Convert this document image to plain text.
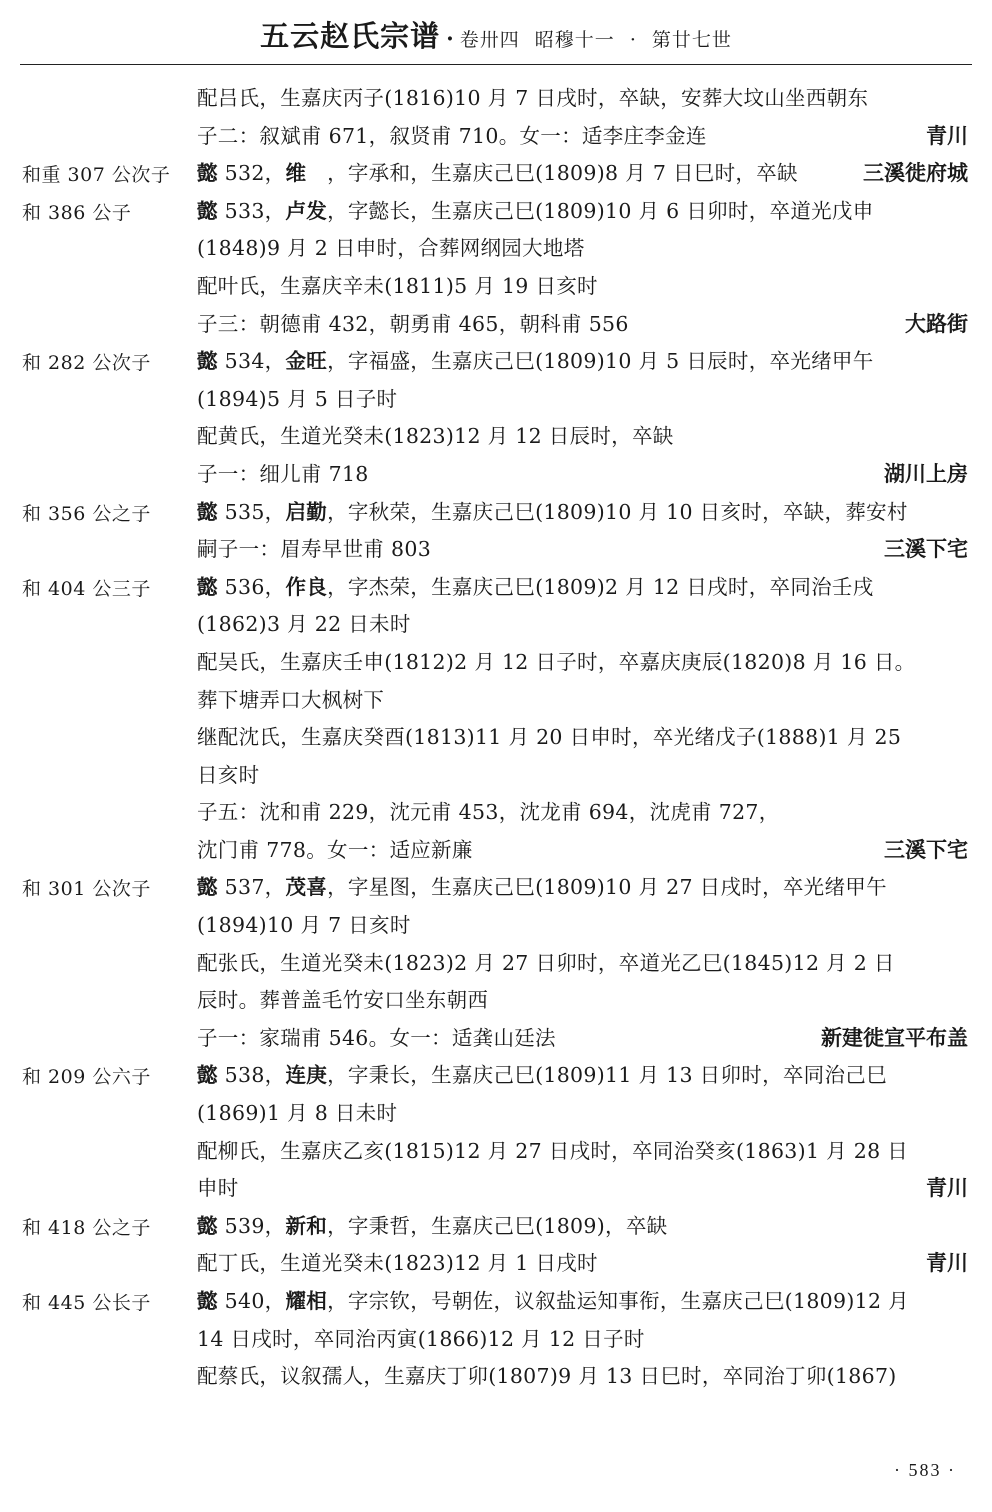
五云赵氏宗谱 · 卷卅四 昭穆十一 · 第廿七世
配吕氏，生嘉庆丙子(1816)10 月 7 日戌时，卒缺，安葬大坟山坐西朝东
子二：叙斌甫 671，叙贤甫 710。女一：适李庄李金连	青川
和重 307 公次子	懿 532，维　，字承和，生嘉庆己巳(1809)8 月 7 日巳时，卒缺	三溪徙府城
和 386 公子	懿 533，卢发，字懿长，生嘉庆己巳(1809)10 月 6 日卯时，卒道光戊申
(1848)9 月 2 日申时，合葬网纲园大地塔
配叶氏，生嘉庆辛未(1811)5 月 19 日亥时
子三：朝德甫 432，朝勇甫 465，朝科甫 556	大路街
和 282 公次子	懿 534，金旺，字福盛，生嘉庆己巳(1809)10 月 5 日辰时，卒光绪甲午
(1894)5 月 5 日子时
配黄氏，生道光癸未(1823)12 月 12 日辰时，卒缺
子一：细儿甫 718	湖川上房
和 356 公之子	懿 535，启勤，字秋荣，生嘉庆己巳(1809)10 月 10 日亥时，卒缺，葬安村
嗣子一：眉寿早世甫 803	三溪下宅
和 404 公三子	懿 536，作良，字杰荣，生嘉庆己巳(1809)2 月 12 日戌时，卒同治壬戌
(1862)3 月 22 日未时
配吴氏，生嘉庆壬申(1812)2 月 12 日子时，卒嘉庆庚辰(1820)8 月 16 日。
葬下塘弄口大枫树下
继配沈氏，生嘉庆癸酉(1813)11 月 20 日申时，卒光绪戊子(1888)1 月 25
日亥时
子五：沈和甫 229，沈元甫 453，沈龙甫 694，沈虎甫 727，
沈门甫 778。女一：适应新廉	三溪下宅
和 301 公次子	懿 537，茂喜，字星图，生嘉庆己巳(1809)10 月 27 日戌时，卒光绪甲午
(1894)10 月 7 日亥时
配张氏，生道光癸未(1823)2 月 27 日卯时，卒道光乙巳(1845)12 月 2 日
辰时。葬普盖毛竹安口坐东朝西
子一：家瑞甫 546。女一：适龚山廷法	新建徙宣平布盖
和 209 公六子	懿 538，连庚，字秉长，生嘉庆己巳(1809)11 月 13 日卯时，卒同治己巳
(1869)1 月 8 日未时
配柳氏，生嘉庆乙亥(1815)12 月 27 日戌时，卒同治癸亥(1863)1 月 28 日
申时	青川
和 418 公之子	懿 539，新和，字秉哲，生嘉庆己巳(1809)，卒缺
配丁氏，生道光癸未(1823)12 月 1 日戌时	青川
和 445 公长子	懿 540，耀相，字宗钦，号朝佐，议叙盐运知事衔，生嘉庆己巳(1809)12 月
14 日戌时，卒同治丙寅(1866)12 月 12 日子时
配蔡氏，议叙孺人，生嘉庆丁卯(1807)9 月 13 日巳时，卒同治丁卯(1867)
· 583 ·
